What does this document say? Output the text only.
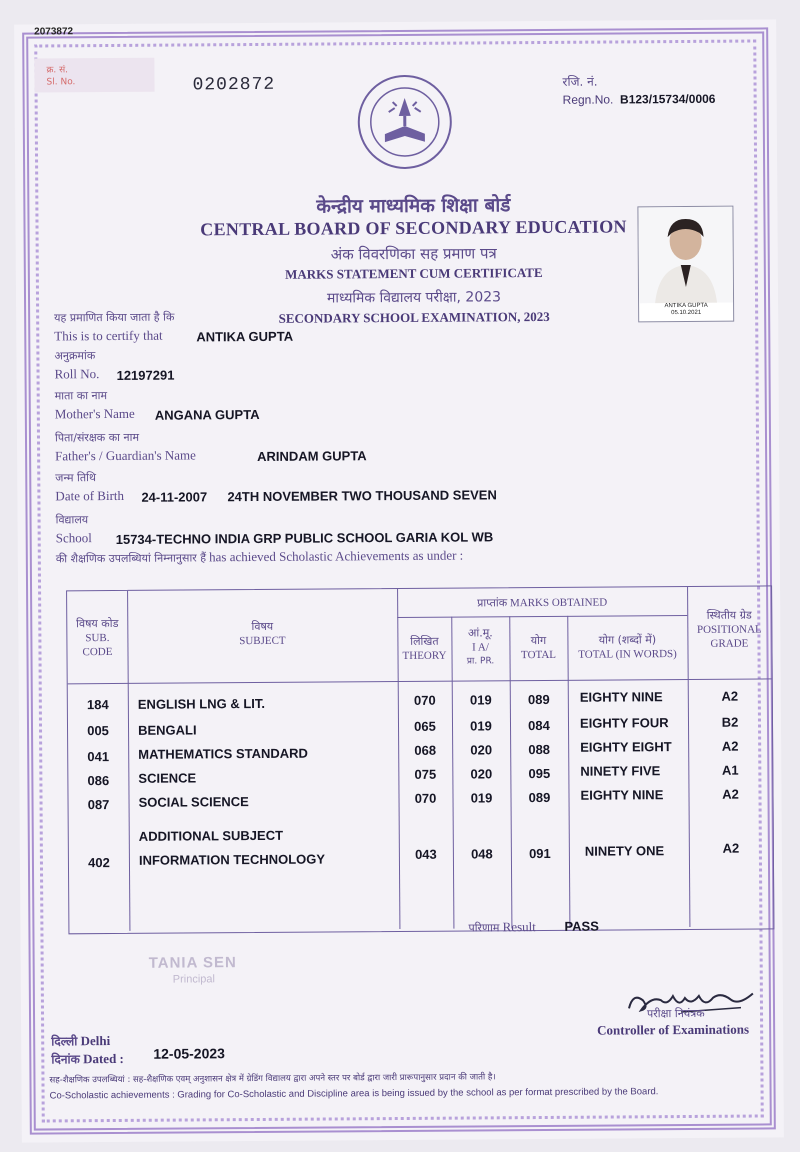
2073872
क्र. सं.
Sl. No.	0202872	रजि. नं.
Regn.No. B123/15734/0006
केन्द्रीय माध्यमिक शिक्षा बोर्ड
CENTRAL BOARD OF SECONDARY EDUCATION
अंक विवरणिका सह प्रमाण पत्र
MARKS STATEMENT CUM CERTIFICATE
माध्यमिक विद्यालय परीक्षा, 2023
SECONDARY SCHOOL EXAMINATION, 2023
ANTIKA GUPTA
05.10.2021
यह प्रमाणित किया जाता है कि
This is to certify that	ANTIKA GUPTA
अनुक्रमांक
Roll No. 12197291
माता का नाम
Mother's Name ANGANA GUPTA
पिता/संरक्षक का नाम
Father's / Guardian's Name	ARINDAM GUPTA
जन्म तिथि
Date of Birth 24-11-2007 24TH NOVEMBER TWO THOUSAND SEVEN
विद्यालय
School 15734-TECHNO INDIA GRP PUBLIC SCHOOL GARIA KOL WB
की शैक्षणिक उपलब्धियां निम्नानुसार हैं has achieved Scholastic Achievements as under :
विषय कोड
SUB. CODE
विषय
SUBJECT
प्राप्तांक MARKS OBTAINED
लिखित
THEORY
आं.मू.
I A/
प्रा. PR.
योग
TOTAL
योग (शब्दों में)
TOTAL (IN WORDS)
स्थितीय ग्रेड
POSITIONAL GRADE
184	ENGLISH LNG & LIT.	070	019	089	EIGHTY NINE	A2
005	BENGALI	065	019	084	EIGHTY FOUR	B2
041	MATHEMATICS STANDARD	068	020	088	EIGHTY EIGHT	A2
086	SCIENCE	075	020	095	NINETY FIVE	A1
087	SOCIAL SCIENCE	070	019	089	EIGHTY NINE	A2
ADDITIONAL SUBJECT
402	INFORMATION TECHNOLOGY	043	048	091	NINETY ONE	A2
परिणाम Result PASS
TANIA SEN
Principal
परीक्षा नियंत्रक
Controller of Examinations
दिल्ली Delhi
दिनांक Dated : 12-05-2023
सह-शैक्षणिक उपलब्धियां : सह-शैक्षणिक एवम् अनुशासन क्षेत्र में ग्रेडिंग विद्यालय द्वारा अपने स्तर पर बोर्ड द्वारा जारी प्रारूपानुसार प्रदान की जाती है।
Co-Scholastic achievements : Grading for Co-Scholastic and Discipline area is being issued by the school as per format prescribed by the Board.
